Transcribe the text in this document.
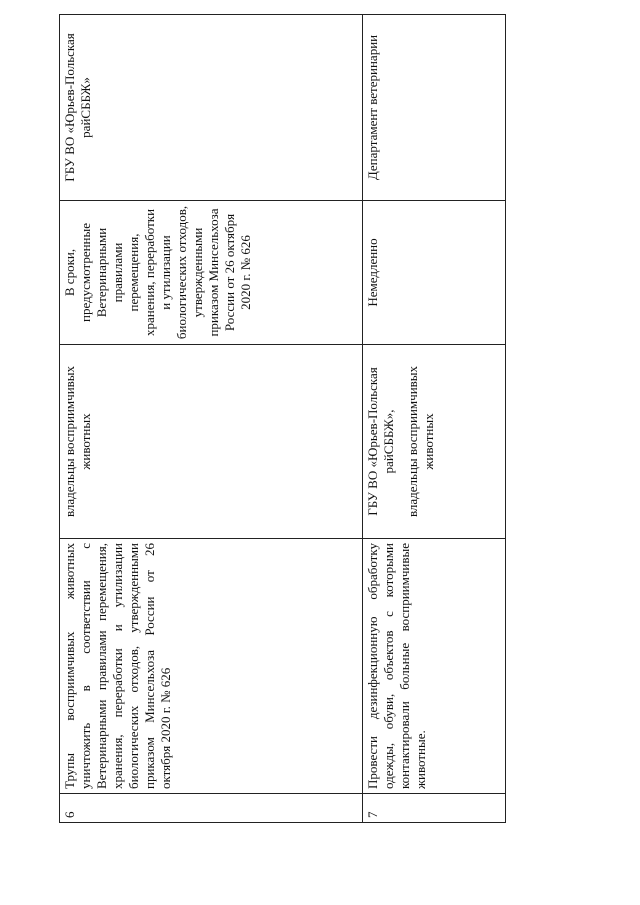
6	Трупы восприимчивых животных уничтожить в соответствии с Ветеринарными правилами перемещения, хранения, переработки и утилизации биологических отходов, утвержденными приказом Минсельхоза России от 26 октября 2020 г. № 626	владельцы восприимчивых животных	В сроки, предусмотренные Ветеринарными правилами перемещения, хранения, переработки и утилизации биологических отходов, утвержденными приказом Минсельхоза России от 26 октября 2020 г. № 626	ГБУ ВО «Юрьев-Польская райСББЖ»
7	Провести дезинфекционную обработку одежды, обуви, объектов с которыми контактировали больные восприимчивые животные.	ГБУ ВО «Юрьев-Польская райСББЖ», владельцы восприимчивых животных	Немедленно	Департамент ветеринарии
